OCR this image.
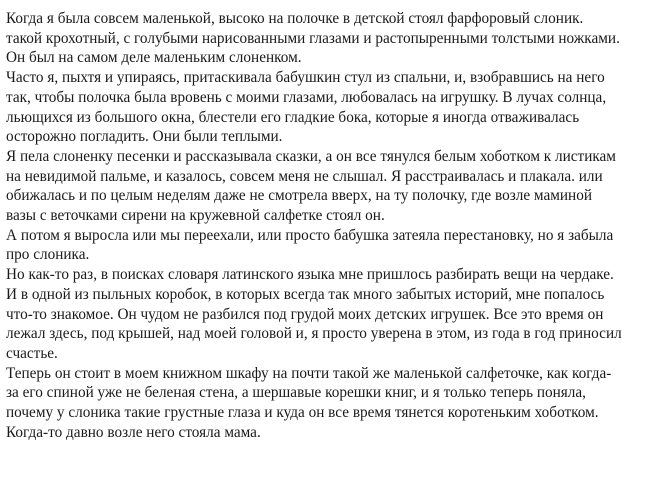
Когда я была совсем маленькой, высоко на полочке в детской стоял фарфоровый слоник.
такой крохотный, с голубыми нарисованными глазами и растопыренными толстыми ножками.
Он был на самом деле маленьким слоненком.
Часто я, пыхтя и упираясь, притаскивала бабушкин стул из спальни, и, взобравшись на него
так, чтобы полочка была вровень с моими глазами, любовалась на игрушку. В лучах солнца,
льющихся из большого окна, блестели его гладкие бока, которые я иногда отваживалась
осторожно погладить. Они были теплыми.
Я пела слоненку песенки и рассказывала сказки, а он все тянулся белым хоботком к листикам
на невидимой пальме, и казалось, совсем меня не слышал. Я расстраивалась и плакала. или
обижалась и по целым неделям даже не смотрела вверх, на ту полочку, где возле маминой
вазы с веточками сирени на кружевной салфетке стоял он.
А потом я выросла или мы переехали, или просто бабушка затеяла перестановку, но я забыла
про слоника.
Но как-то раз, в поисках словаря латинского языка мне пришлось разбирать вещи на чердаке.
И в одной из пыльных коробок, в которых всегда так много забытых историй, мне попалось
что-то знакомое. Он чудом не разбился под грудой моих детских игрушек. Все это время он
лежал здесь, под крышей, над моей головой и, я просто уверена в этом, из года в год приносил
счастье.
Теперь он стоит в моем книжном шкафу на почти такой же маленькой салфеточке, как когда-
за его спиной уже не беленая стена, а шершавые корешки книг, и я только теперь поняла,
почему у слоника такие грустные глаза и куда он все время тянется коротеньким хоботком.
Когда-то давно возле него стояла мама.
